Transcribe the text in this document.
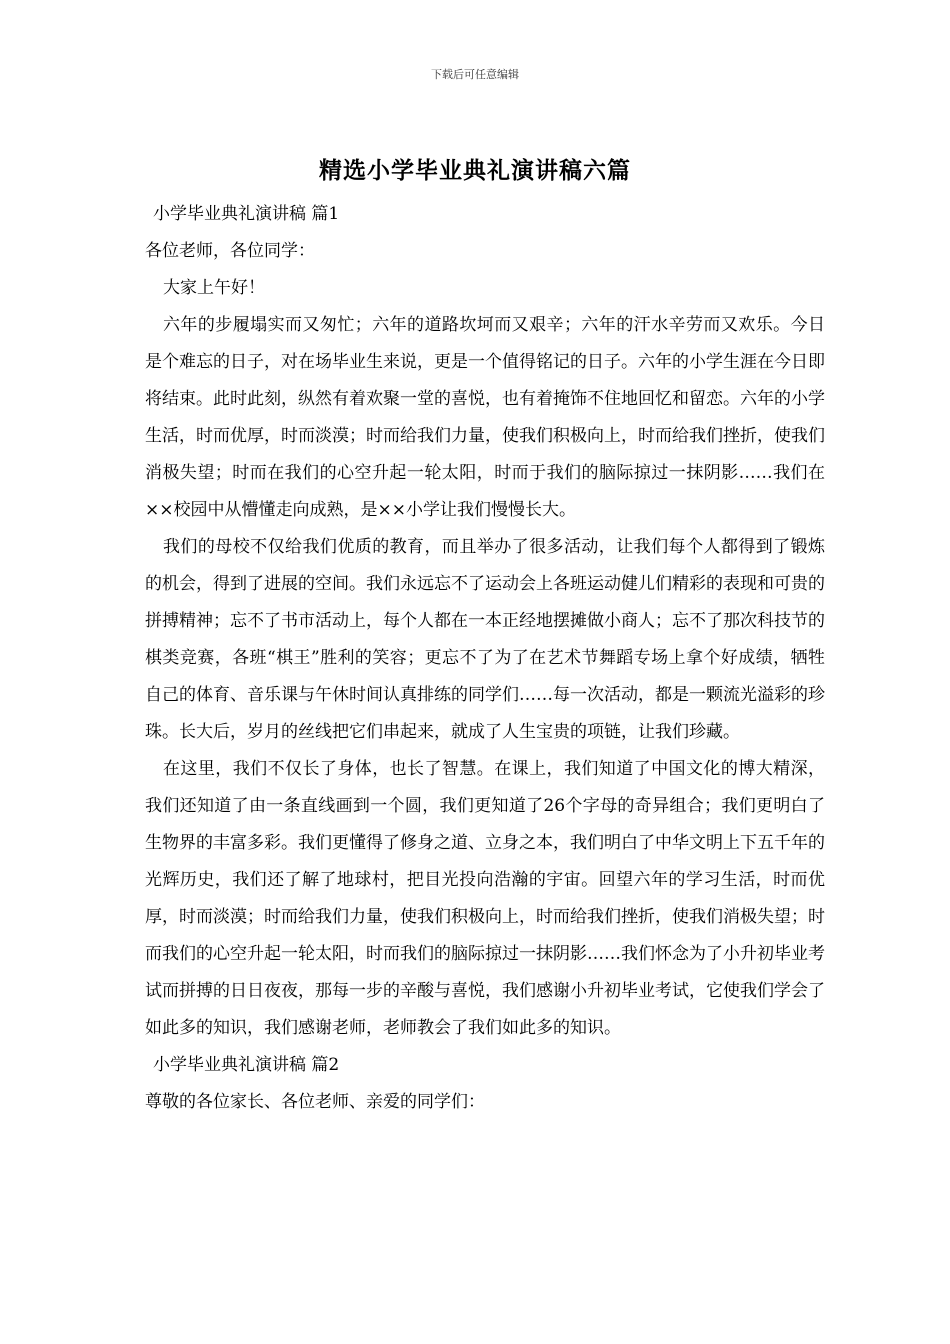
下载后可任意编辑
精选小学毕业典礼演讲稿六篇

小学毕业典礼演讲稿 篇1

各位老师，各位同学：

大家上午好！

六年的步履塌实而又匆忙；六年的道路坎坷而又艰辛；六年的汗水辛劳而又欢乐。今日是个难忘的日子，对在场毕业生来说，更是一个值得铭记的日子。六年的小学生涯在今日即将结束。此时此刻，纵然有着欢聚一堂的喜悦，也有着掩饰不住地回忆和留恋。六年的小学生活，时而优厚，时而淡漠；时而给我们力量，使我们积极向上，时而给我们挫折，使我们消极失望；时而在我们的心空升起一轮太阳，时而于我们的脑际掠过一抹阴影……我们在××校园中从懵懂走向成熟，是××小学让我们慢慢长大。

我们的母校不仅给我们优质的教育，而且举办了很多活动，让我们每个人都得到了锻炼的机会，得到了进展的空间。我们永远忘不了运动会上各班运动健儿们精彩的表现和可贵的拼搏精神；忘不了书市活动上，每个人都在一本正经地摆摊做小商人；忘不了那次科技节的棋类竞赛，各班“棋王”胜利的笑容；更忘不了为了在艺术节舞蹈专场上拿个好成绩，牺牲自己的体育、音乐课与午休时间认真排练的同学们……每一次活动，都是一颗流光溢彩的珍珠。长大后，岁月的丝线把它们串起来，就成了人生宝贵的项链，让我们珍藏。

在这里，我们不仅长了身体，也长了智慧。在课上，我们知道了中国文化的博大精深，我们还知道了由一条直线画到一个圆，我们更知道了26个字母的奇异组合；我们更明白了生物界的丰富多彩。我们更懂得了修身之道、立身之本，我们明白了中华文明上下五千年的光辉历史，我们还了解了地球村，把目光投向浩瀚的宇宙。回望六年的学习生活，时而优厚，时而淡漠；时而给我们力量，使我们积极向上，时而给我们挫折，使我们消极失望；时而我们的心空升起一轮太阳，时而我们的脑际掠过一抹阴影……我们怀念为了小升初毕业考试而拼搏的日日夜夜，那每一步的辛酸与喜悦，我们感谢小升初毕业考试，它使我们学会了如此多的知识，我们感谢老师，老师教会了我们如此多的知识。

小学毕业典礼演讲稿 篇2

尊敬的各位家长、各位老师、亲爱的同学们：
